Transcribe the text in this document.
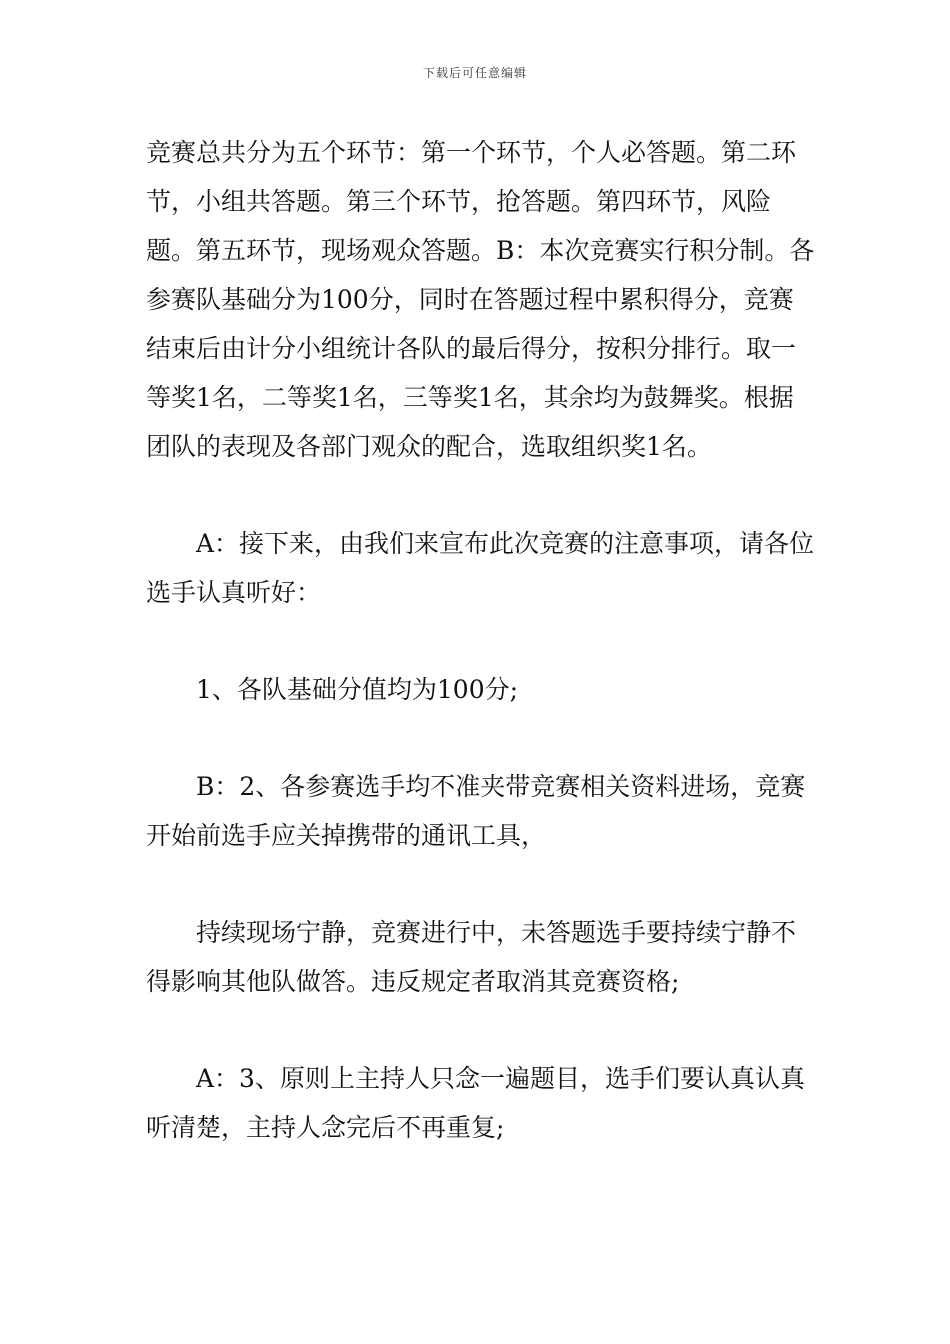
下载后可任意编辑

竞赛总共分为五个环节：第一个环节，个人必答题。第二环节，小组共答题。第三个环节，抢答题。第四环节，风险题。第五环节，现场观众答题。B：本次竞赛实行积分制。各参赛队基础分为100分，同时在答题过程中累积得分，竞赛结束后由计分小组统计各队的最后得分，按积分排行。取一等奖1名，二等奖1名，三等奖1名，其余均为鼓舞奖。根据团队的表现及各部门观众的配合，选取组织奖1名。

A：接下来，由我们来宣布此次竞赛的注意事项，请各位选手认真听好：

1、各队基础分值均为100分;

B：2、各参赛选手均不准夹带竞赛相关资料进场，竞赛开始前选手应关掉携带的通讯工具，

持续现场宁静，竞赛进行中，未答题选手要持续宁静不得影响其他队做答。违反规定者取消其竞赛资格;

A：3、原则上主持人只念一遍题目，选手们要认真认真听清楚，主持人念完后不再重复;
